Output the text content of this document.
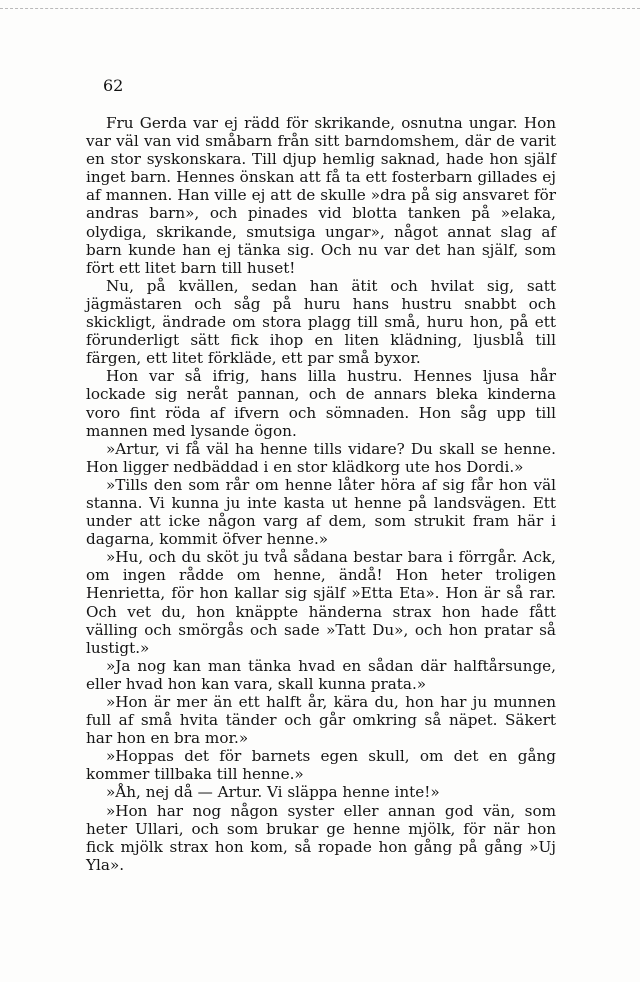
62

Fru Gerda var ej rädd för skrikande, osnutna ungar. Hon var väl van vid småbarn från sitt barndomshem, där de varit en stor syskonskara. Till djup hemlig saknad, hade hon själf inget barn. Hennes önskan att få ta ett fosterbarn gillades ej af mannen. Han ville ej att de skulle »dra på sig ansvaret för andras barn», och pinades vid blotta tanken på »elaka, olydiga, skrikande, smutsiga ungar», något annat slag af barn kunde han ej tänka sig. Och nu var det han själf, som fört ett litet barn till huset!

Nu, på kvällen, sedan han ätit och hvilat sig, satt jägmästaren och såg på huru hans hustru snabbt och skickligt, ändrade om stora plagg till små, huru hon, på ett förunderligt sätt fick ihop en liten klädning, ljusblå till färgen, ett litet förkläde, ett par små byxor.

Hon var så ifrig, hans lilla hustru. Hennes ljusa hår lockade sig neråt pannan, och de annars bleka kinderna voro fint röda af ifvern och sömnaden. Hon såg upp till mannen med lysande ögon.

»Artur, vi få väl ha henne tills vidare? Du skall se henne. Hon ligger nedbäddad i en stor klädkorg ute hos Dordi.»

»Tills den som rår om henne låter höra af sig får hon väl stanna. Vi kunna ju inte kasta ut henne på landsvägen. Ett under att icke någon varg af dem, som strukit fram här i dagarna, kommit öfver henne.»

»Hu, och du sköt ju två sådana bestar bara i förrgår. Ack, om ingen rådde om henne, ändå! Hon heter troligen Henrietta, för hon kallar sig själf »Etta Eta». Hon är så rar. Och vet du, hon knäppte händerna strax hon hade fått välling och smörgås och sade »Tatt Du», och hon pratar så lustigt.»

»Ja nog kan man tänka hvad en sådan där halftårsunge, eller hvad hon kan vara, skall kunna prata.»

»Hon är mer än ett halft år, kära du, hon har ju munnen full af små hvita tänder och går omkring så näpet. Säkert har hon en bra mor.»

»Hoppas det för barnets egen skull, om det en gång kommer tillbaka till henne.»

»Åh, nej då — Artur. Vi släppa henne inte!»

»Hon har nog någon syster eller annan god vän, som heter Ullari, och som brukar ge henne mjölk, för när hon fick mjölk strax hon kom, så ropade hon gång på gång »Uj Yla».
